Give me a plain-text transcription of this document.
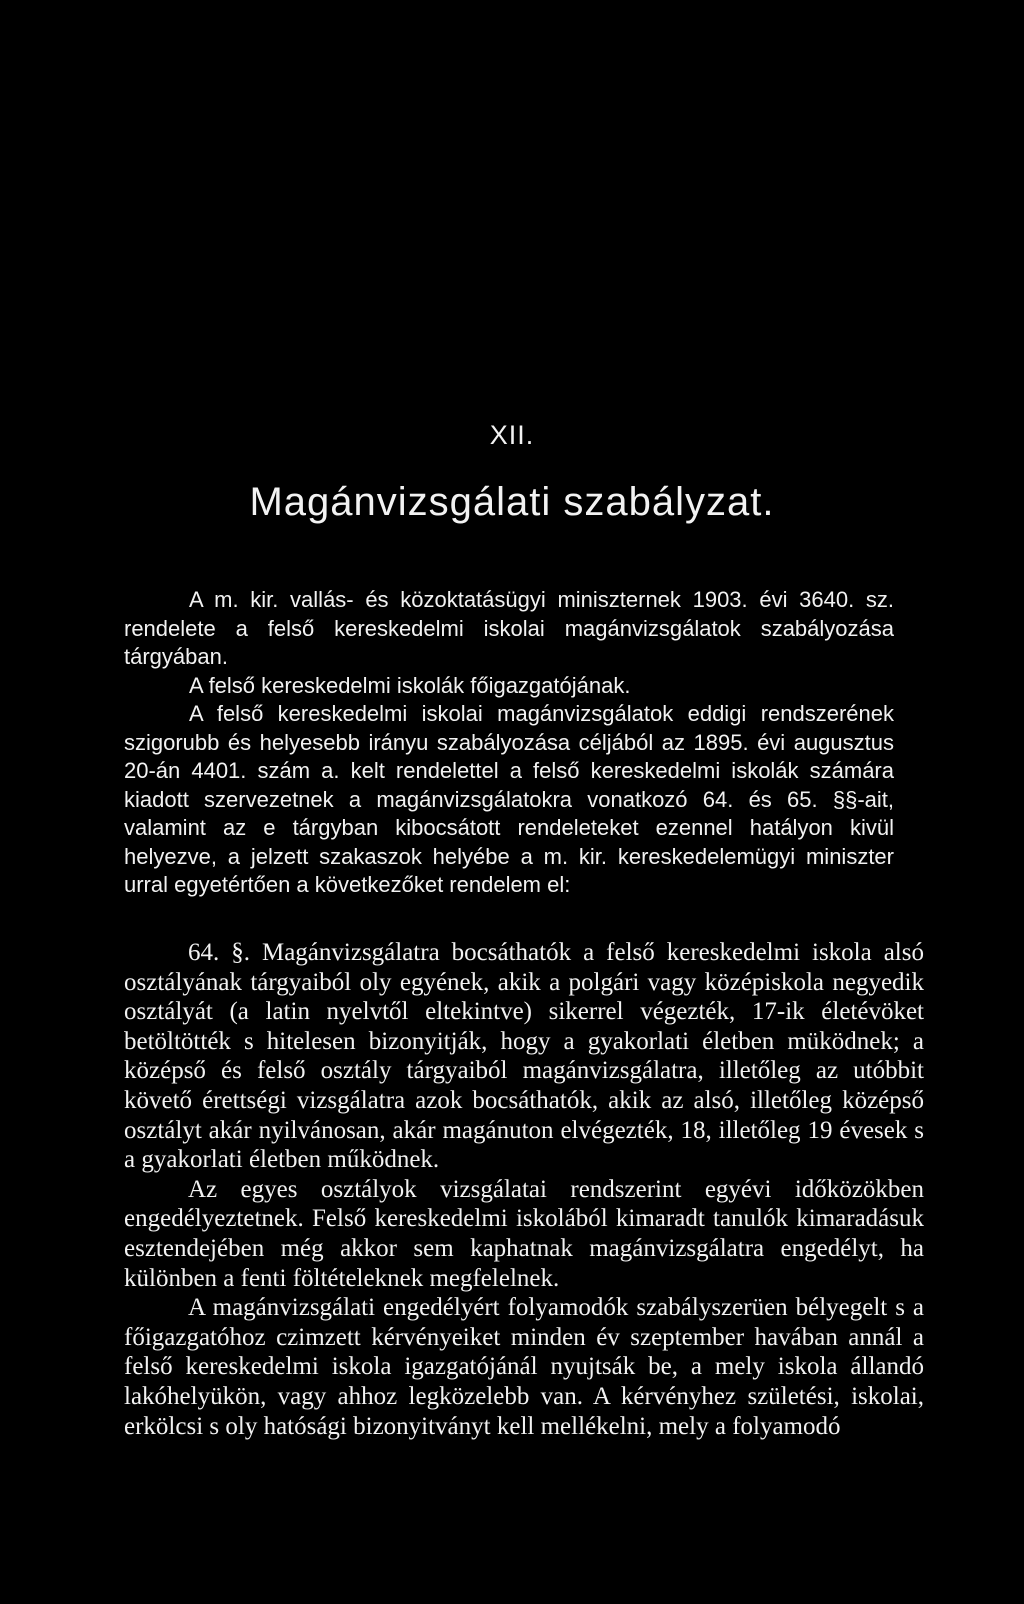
XII.
Magánvizsgálati szabályzat.

A m. kir. vallás- és közoktatásügyi miniszternek 1903. évi 3640. sz. rendelete a felső kereskedelmi iskolai magánvizsgálatok szabályozása tárgyában.

A felső kereskedelmi iskolák főigazgatójának.

A felső kereskedelmi iskolai magánvizsgálatok eddigi rendszerének szigorubb és helyesebb irányu szabályozása céljából az 1895. évi augusztus 20-án 4401. szám a. kelt rendelettel a felső kereskedelmi iskolák számára kiadott szervezetnek a magánvizsgálatokra vonatkozó 64. és 65. §§-ait, valamint az e tárgyban kibocsátott rendeleteket ezennel hatályon kivül helyezve, a jelzett szakaszok helyébe a m. kir. kereskedelemügyi miniszter urral egyetértően a következőket rendelem el:

64. §. Magánvizsgálatra bocsáthatók a felső kereskedelmi iskola alsó osztályának tárgyaiból oly egyének, akik a polgári vagy középiskola negyedik osztályát (a latin nyelvtől eltekintve) sikerrel végezték, 17-ik életévöket betöltötték s hitelesen bizonyitják, hogy a gyakorlati életben müködnek; a középső és felső osztály tárgyaiból magánvizsgálatra, illetőleg az utóbbit követő érettségi vizsgálatra azok bocsáthatók, akik az alsó, illetőleg középső osztályt akár nyilvánosan, akár magánuton elvégezték, 18, illetőleg 19 évesek s a gyakorlati életben működnek.

Az egyes osztályok vizsgálatai rendszerint egyévi időközökben engedélyeztetnek. Felső kereskedelmi iskolából kimaradt tanulók kimaradásuk esztendejében még akkor sem kaphatnak magánvizsgálatra engedélyt, ha különben a fenti föltételeknek megfelelnek.

A magánvizsgálati engedélyért folyamodók szabályszerüen bélyegelt s a főigazgatóhoz czimzett kérvényeiket minden év szeptember havában annál a felső kereskedelmi iskola igazgatójánál nyujtsák be, a mely iskola állandó lakóhelyükön, vagy ahhoz legközelebb van. A kérvényhez születési, iskolai, erkölcsi s oly hatósági bizonyitványt kell mellékelni, mely a folyamodó
